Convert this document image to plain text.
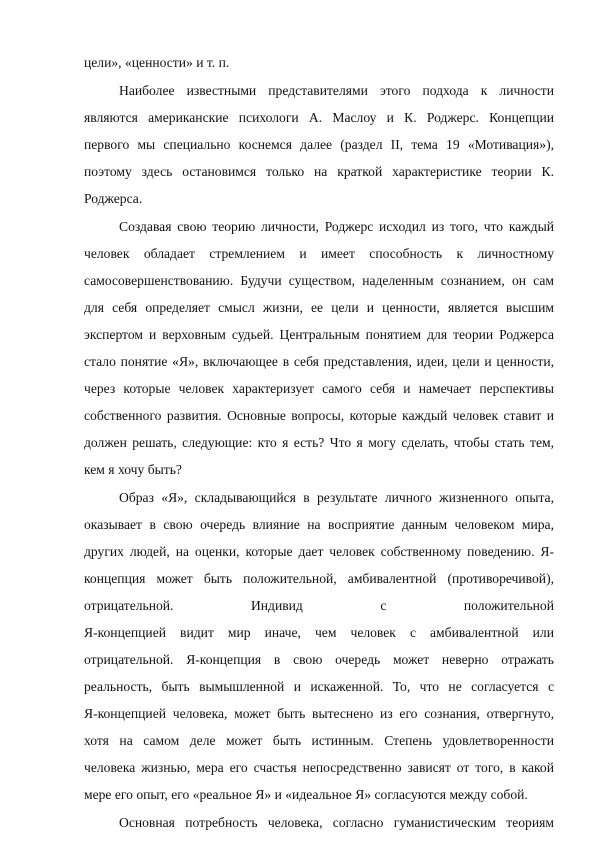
цели», «ценности» и т. п.
Наиболее известными представителями этого подхода к личности
являются американские психологи А. Маслоу и К. Роджерс. Концепции
первого мы специально коснемся далее (раздел II, тема 19 «Мотивация»),
поэтому здесь остановимся только на краткой характеристике теории К.
Роджерса.
Создавая свою теорию личности, Роджерс исходил из того, что каждый
человек обладает стремлением и имеет способность к личностному
самосовершенствованию. Будучи существом, наделенным сознанием, он сам
для себя определяет смысл жизни, ее цели и ценности, является высшим
экспертом и верховным судьей. Центральным понятием для теории Роджерса
стало понятие «Я», включающее в себя представления, идеи, цели и ценности,
через которые человек характеризует самого себя и намечает перспективы
собственного развития. Основные вопросы, которые каждый человек ставит и
должен решать, следующие: кто я есть? Что я могу сделать, чтобы стать тем,
кем я хочу быть?
Образ «Я», складывающийся в результате личного жизненного опыта,
оказывает в свою очередь влияние на восприятие данным человеком мира,
других людей, на оценки, которые дает человек собственному поведению. Я-
концепция может быть положительной, амбивалентной (противоречивой),
отрицательной. Индивид с положительной
Я-концепцией видит мир иначе, чем человек с амбивалентной или
отрицательной. Я-концепция в свою очередь может неверно отражать
реальность, быть вымышленной и искаженной. То, что не согласуется с
Я-концепцией человека, может быть вытеснено из его сознания, отвергнуто,
хотя на самом деле может быть истинным. Степень удовлетворенности
человека жизнью, мера его счастья непосредственно зависят от того, в какой
мере его опыт, его «реальное Я» и «идеальное Я» согласуются между собой.
Основная потребность человека, согласно гуманистическим теориям
